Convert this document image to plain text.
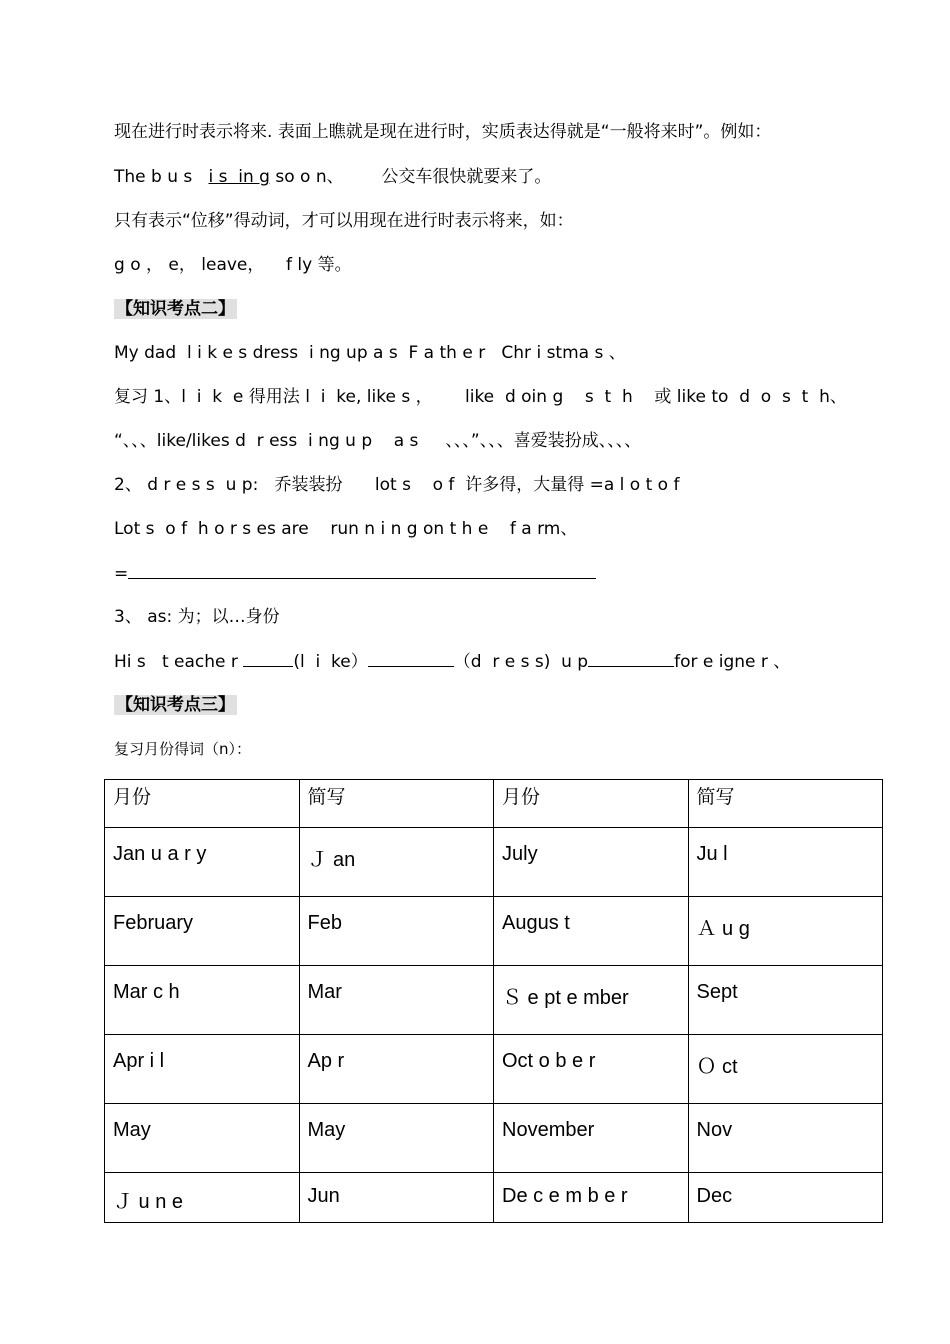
现在进行时表示将来. 表面上瞧就是现在进行时，实质表达得就是“一般将来时”。例如：
The b u s   i s  in g so o n、       公交车很快就要来了。
只有表示“位移”得动词，才可以用现在进行时表示将来，如：
g o ， e， leave，    f ly 等。
【知识考点二】
My dad  l i k e s dress  i ng up a s  F a th e r   Chr i stma s 、
复习 1、l  i  k  e 得用法 l  i  ke, like s ，      like  d oin g    s  t  h    或 like to  d  o  s  t  h、
“、、、like/likes d  r ess  i ng u p    a s     、、、”、、、喜爱装扮成、、、、
2、 d r e s s  u p:   乔装装扮      lot s    o f  许多得，大量得 =a l o t o f
Lot s  o f  h o r s es are    run n i n g on t h e    f a rm、
=
3、 as: 为；以…身份
Hi s   t eache r	(l  i  ke）	（d  r e s s)  u p	for e igne r 、
【知识考点三】
复习月份得词（n）：
月份	简写	月份	简写
Jan u a r y	Ｊ an	July	Ju l
February	Feb	Augus t	Ａ u g
Mar c h	Mar	Ｓ e pt e mber	Sept
Apr i l	Ap r	Oct o b e r	Ｏ ct
May	May	November	Nov
Ｊ u n e	Jun	De c e m b e r	Dec
